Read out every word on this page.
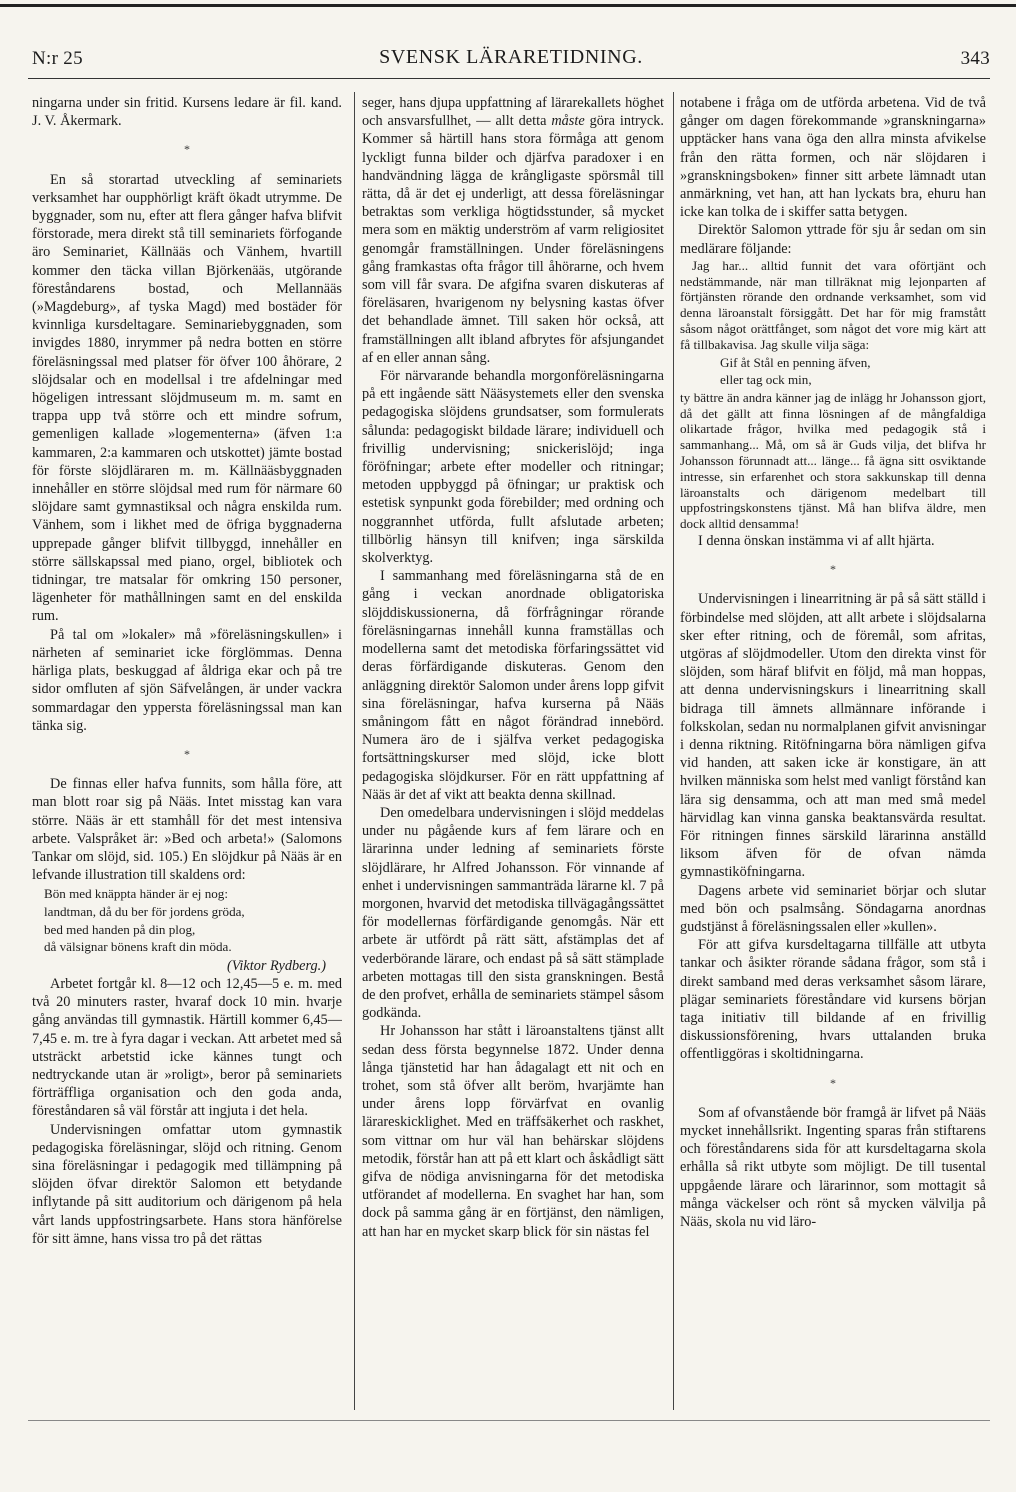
N:r 25	SVENSK LÄRARETIDNING.	343

ningarna under sin fritid. Kursens ledare är fil. kand. J. V. Åkermark.

*

En så storartad utveckling af seminariets verksamhet har oupphörligt kräft ökadt utrymme. De byggnader, som nu, efter att flera gånger hafva blifvit förstorade, mera direkt stå till seminariets förfogande äro Seminariet, Källnääs och Vänhem, hvartill kommer den täcka villan Björkenääs, utgörande föreståndarens bostad, och Mellannääs (»Magdeburg», af tyska Magd) med bostäder för kvinnliga kursdeltagare. Seminariebyggnaden, som invigdes 1880, inrymmer på nedra botten en större föreläsningssal med platser för öfver 100 åhörare, 2 slöjdsalar och en modellsal i tre afdelningar med högeligen intressant slöjdmuseum m. m. samt en trappa upp två större och ett mindre sofrum, gemenligen kallade »logementerna» (äfven 1:a kammaren, 2:a kammaren och utskottet) jämte bostad för förste slöjdläraren m. m. Källnääsbyggnaden innehåller en större slöjdsal med rum för närmare 60 slöjdare samt gymnastiksal och några enskilda rum. Vänhem, som i likhet med de öfriga byggnaderna upprepade gånger blifvit tillbyggd, innehåller en större sällskapssal med piano, orgel, bibliotek och tidningar, tre matsalar för omkring 150 personer, lägenheter för mathållningen samt en del enskilda rum.

På tal om »lokaler» må »föreläsningskullen» i närheten af seminariet icke förglömmas. Denna härliga plats, beskuggad af åldriga ekar och på tre sidor omfluten af sjön Säfvelången, är under vackra sommardagar den yppersta föreläsningssal man kan tänka sig.

*

De finnas eller hafva funnits, som hålla före, att man blott roar sig på Nääs. Intet misstag kan vara större. Nääs är ett stamhåll för det mest intensiva arbete. Valspråket är: »Bed och arbeta!» (Salomons Tankar om slöjd, sid. 105.) En slöjdkur på Nääs är en lefvande illustration till skaldens ord:

Bön med knäppta händer är ej nog:

landtman, då du ber för jordens gröda,

bed med handen på din plog,

då välsignar bönens kraft din möda.

(Viktor Rydberg.)

Arbetet fortgår kl. 8—12 och 12,45—5 e. m. med två 20 minuters raster, hvaraf dock 10 min. hvarje gång användas till gymnastik. Härtill kommer 6,45—7,45 e. m. tre à fyra dagar i veckan. Att arbetet med så utsträckt arbetstid icke kännes tungt och nedtryckande utan är »roligt», beror på seminariets förträffliga organisation och den goda anda, föreståndaren så väl förstår att ingjuta i det hela.

Undervisningen omfattar utom gymnastik pedagogiska föreläsningar, slöjd och ritning. Genom sina föreläsningar i pedagogik med tillämpning på slöjden öfvar direktör Salomon ett betydande inflytande på sitt auditorium och därigenom på hela vårt lands uppfostringsarbete. Hans stora hänförelse för sitt ämne, hans vissa tro på det rättas

seger, hans djupa uppfattning af lärarekallets höghet och ansvarsfullhet, — allt detta måste göra intryck. Kommer så härtill hans stora förmåga att genom lyckligt funna bilder och djärfva paradoxer i en handvändning lägga de krångligaste spörsmål till rätta, då är det ej underligt, att dessa föreläsningar betraktas som verkliga högtidsstunder, så mycket mera som en mäktig underström af varm religiositet genomgår framställningen. Under föreläsningens gång framkastas ofta frågor till åhörarne, och hvem som vill får svara. De afgifna svaren diskuteras af föreläsaren, hvarigenom ny belysning kastas öfver det behandlade ämnet. Till saken hör också, att framställningen allt ibland afbrytes för afsjungandet af en eller annan sång.

För närvarande behandla morgonföreläsningarna på ett ingående sätt Nääsystemets eller den svenska pedagogiska slöjdens grundsatser, som formulerats sålunda: pedagogiskt bildade lärare; individuell och frivillig undervisning; snickerislöjd; inga föröfningar; arbete efter modeller och ritningar; metoden uppbyggd på öfningar; ur praktisk och estetisk synpunkt goda förebilder; med ordning och noggrannhet utförda, fullt afslutade arbeten; tillbörlig hänsyn till knifven; inga särskilda skolverktyg.

I sammanhang med föreläsningarna stå de en gång i veckan anordnade obligatoriska slöjddiskussionerna, då förfrågningar rörande föreläsningarnas innehåll kunna framställas och modellerna samt det metodiska förfaringssättet vid deras förfärdigande diskuteras. Genom den anläggning direktör Salomon under årens lopp gifvit sina föreläsningar, hafva kurserna på Nääs småningom fått en något förändrad innebörd. Numera äro de i själfva verket pedagogiska fortsättningskurser med slöjd, icke blott pedagogiska slöjdkurser. För en rätt uppfattning af Nääs är det af vikt att beakta denna skillnad.

Den omedelbara undervisningen i slöjd meddelas under nu pågående kurs af fem lärare och en lärarinna under ledning af seminariets förste slöjdlärare, hr Alfred Johansson. För vinnande af enhet i undervisningen sammanträda lärarne kl. 7 på morgonen, hvarvid det metodiska tillvägagångssättet för modellernas förfärdigande genomgås. När ett arbete är utfördt på rätt sätt, afstämplas det af vederbörande lärare, och endast på så sätt stämplade arbeten mottagas till den sista granskningen. Bestå de den profvet, erhålla de seminariets stämpel såsom godkända.

Hr Johansson har stått i läroanstaltens tjänst allt sedan dess första begynnelse 1872. Under denna långa tjänstetid har han ådagalagt ett nit och en trohet, som stå öfver allt beröm, hvarjämte han under årens lopp förvärfvat en ovanlig lärareskicklighet. Med en träffsäkerhet och raskhet, som vittnar om hur väl han behärskar slöjdens metodik, förstår han att på ett klart och åskådligt sätt gifva de nödiga anvisningarna för det metodiska utförandet af modellerna. En svaghet har han, som dock på samma gång är en förtjänst, den nämligen, att han har en mycket skarp blick för sin nästas fel

notabene i fråga om de utförda arbetena. Vid de två gånger om dagen förekommande »granskningarna» upptäcker hans vana öga den allra minsta afvikelse från den rätta formen, och när slöjdaren i »granskningsboken» finner sitt arbete lämnadt utan anmärkning, vet han, att han lyckats bra, ehuru han icke kan tolka de i skiffer satta betygen.

Direktör Salomon yttrade för sju år sedan om sin medlärare följande:

Jag har... alltid funnit det vara oförtjänt och nedstämmande, när man tillräknat mig lejonparten af förtjänsten rörande den ordnande verksamhet, som vid denna läroanstalt försiggått. Det har för mig framstått såsom något orättfånget, som något det vore mig kärt att få tillbakavisa. Jag skulle vilja säga:

Gif åt Stål en penning äfven,

eller tag ock min,

ty bättre än andra känner jag de inlägg hr Johansson gjort, då det gällt att finna lösningen af de mångfaldiga olikartade frågor, hvilka med pedagogik stå i sammanhang... Må, om så är Guds vilja, det blifva hr Johansson förunnadt att... länge... få ägna sitt osviktande intresse, sin erfarenhet och stora sakkunskap till denna läroanstalts och därigenom medelbart till uppfostringskonstens tjänst. Må han blifva äldre, men dock alltid densamma!

I denna önskan instämma vi af allt hjärta.

*

Undervisningen i linearritning är på så sätt ställd i förbindelse med slöjden, att allt arbete i slöjdsalarna sker efter ritning, och de föremål, som afritas, utgöras af slöjdmodeller. Utom den direkta vinst för slöjden, som häraf blifvit en följd, må man hoppas, att denna undervisningskurs i linearritning skall bidraga till ämnets allmännare införande i folkskolan, sedan nu normalplanen gifvit anvisningar i denna riktning. Ritöfningarna böra nämligen gifva vid handen, att saken icke är konstigare, än att hvilken människa som helst med vanligt förstånd kan lära sig densamma, och att man med små medel härvidlag kan vinna ganska beaktansvärda resultat. För ritningen finnes särskild lärarinna anställd liksom äfven för de ofvan nämda gymnastiköfningarna.

Dagens arbete vid seminariet börjar och slutar med bön och psalmsång. Söndagarna anordnas gudstjänst å föreläsningssalen eller »kullen».

För att gifva kursdeltagarna tillfälle att utbyta tankar och åsikter rörande sådana frågor, som stå i direkt samband med deras verksamhet såsom lärare, plägar seminariets föreståndare vid kursens början taga initiativ till bildande af en frivillig diskussionsförening, hvars uttalanden bruka offentliggöras i skoltidningarna.

*

Som af ofvanstående bör framgå är lifvet på Nääs mycket innehållsrikt. Ingenting sparas från stiftarens och föreståndarens sida för att kursdeltagarna skola erhålla så rikt utbyte som möjligt. De till tusental uppgående lärare och lärarinnor, som mottagit så många väckelser och rönt så mycken välvilja på Nääs, skola nu vid läro-
